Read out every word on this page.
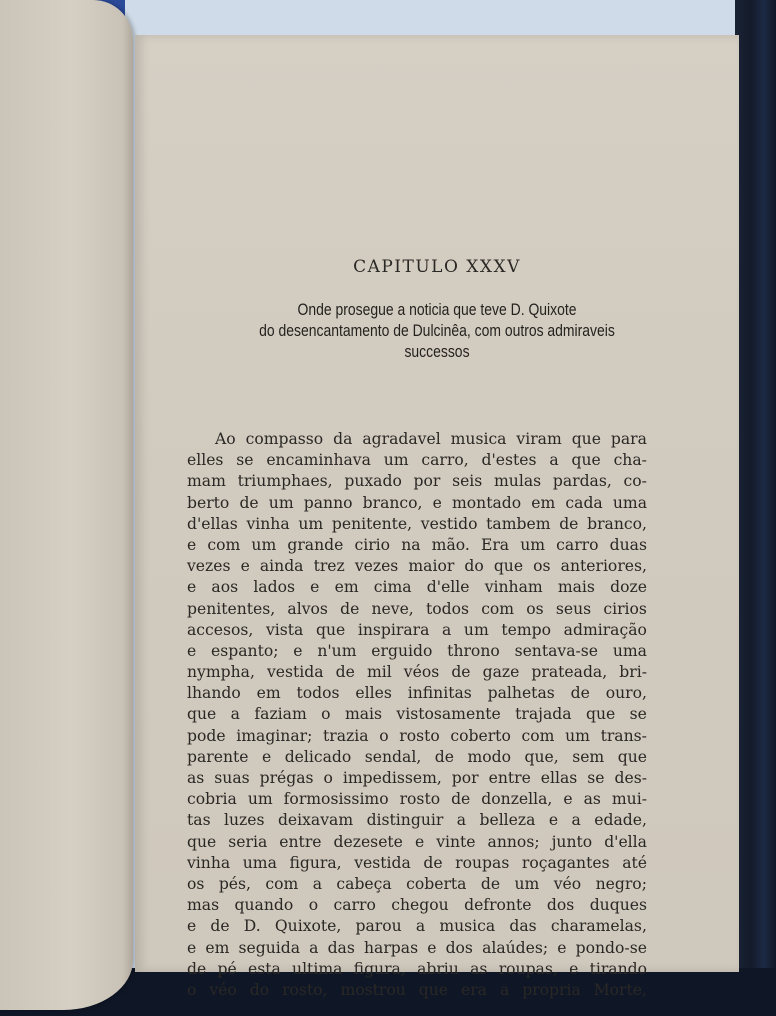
CAPITULO XXXV
Onde prosegue a noticia que teve D. Quixote
do desencantamento de Dulcinêa, com outros admiraveis
successos
Ao compasso da agradavel musica viram que para
elles se encaminhava um carro, d'estes a que cha-
mam triumphaes, puxado por seis mulas pardas, co-
berto de um panno branco, e montado em cada uma
d'ellas vinha um penitente, vestido tambem de branco,
e com um grande cirio na mão. Era um carro duas
vezes e ainda trez vezes maior do que os anteriores,
e aos lados e em cima d'elle vinham mais doze
penitentes, alvos de neve, todos com os seus cirios
accesos, vista que inspirara a um tempo admiração
e espanto; e n'um erguido throno sentava-se uma
nympha, vestida de mil véos de gaze prateada, bri-
lhando em todos elles infinitas palhetas de ouro,
que a faziam o mais vistosamente trajada que se
pode imaginar; trazia o rosto coberto com um trans-
parente e delicado sendal, de modo que, sem que
as suas prégas o impedissem, por entre ellas se des-
cobria um formosissimo rosto de donzella, e as mui-
tas luzes deixavam distinguir a belleza e a edade,
que seria entre dezesete e vinte annos; junto d'ella
vinha uma figura, vestida de roupas roçagantes até
os pés, com a cabeça coberta de um véo negro;
mas quando o carro chegou defronte dos duques
e de D. Quixote, parou a musica das charamelas,
e em seguida a das harpas e dos alaúdes; e pondo-se
de pé esta ultima figura, abriu as roupas, e tirando
o véo do rosto, mostrou que era a propria Morte,
